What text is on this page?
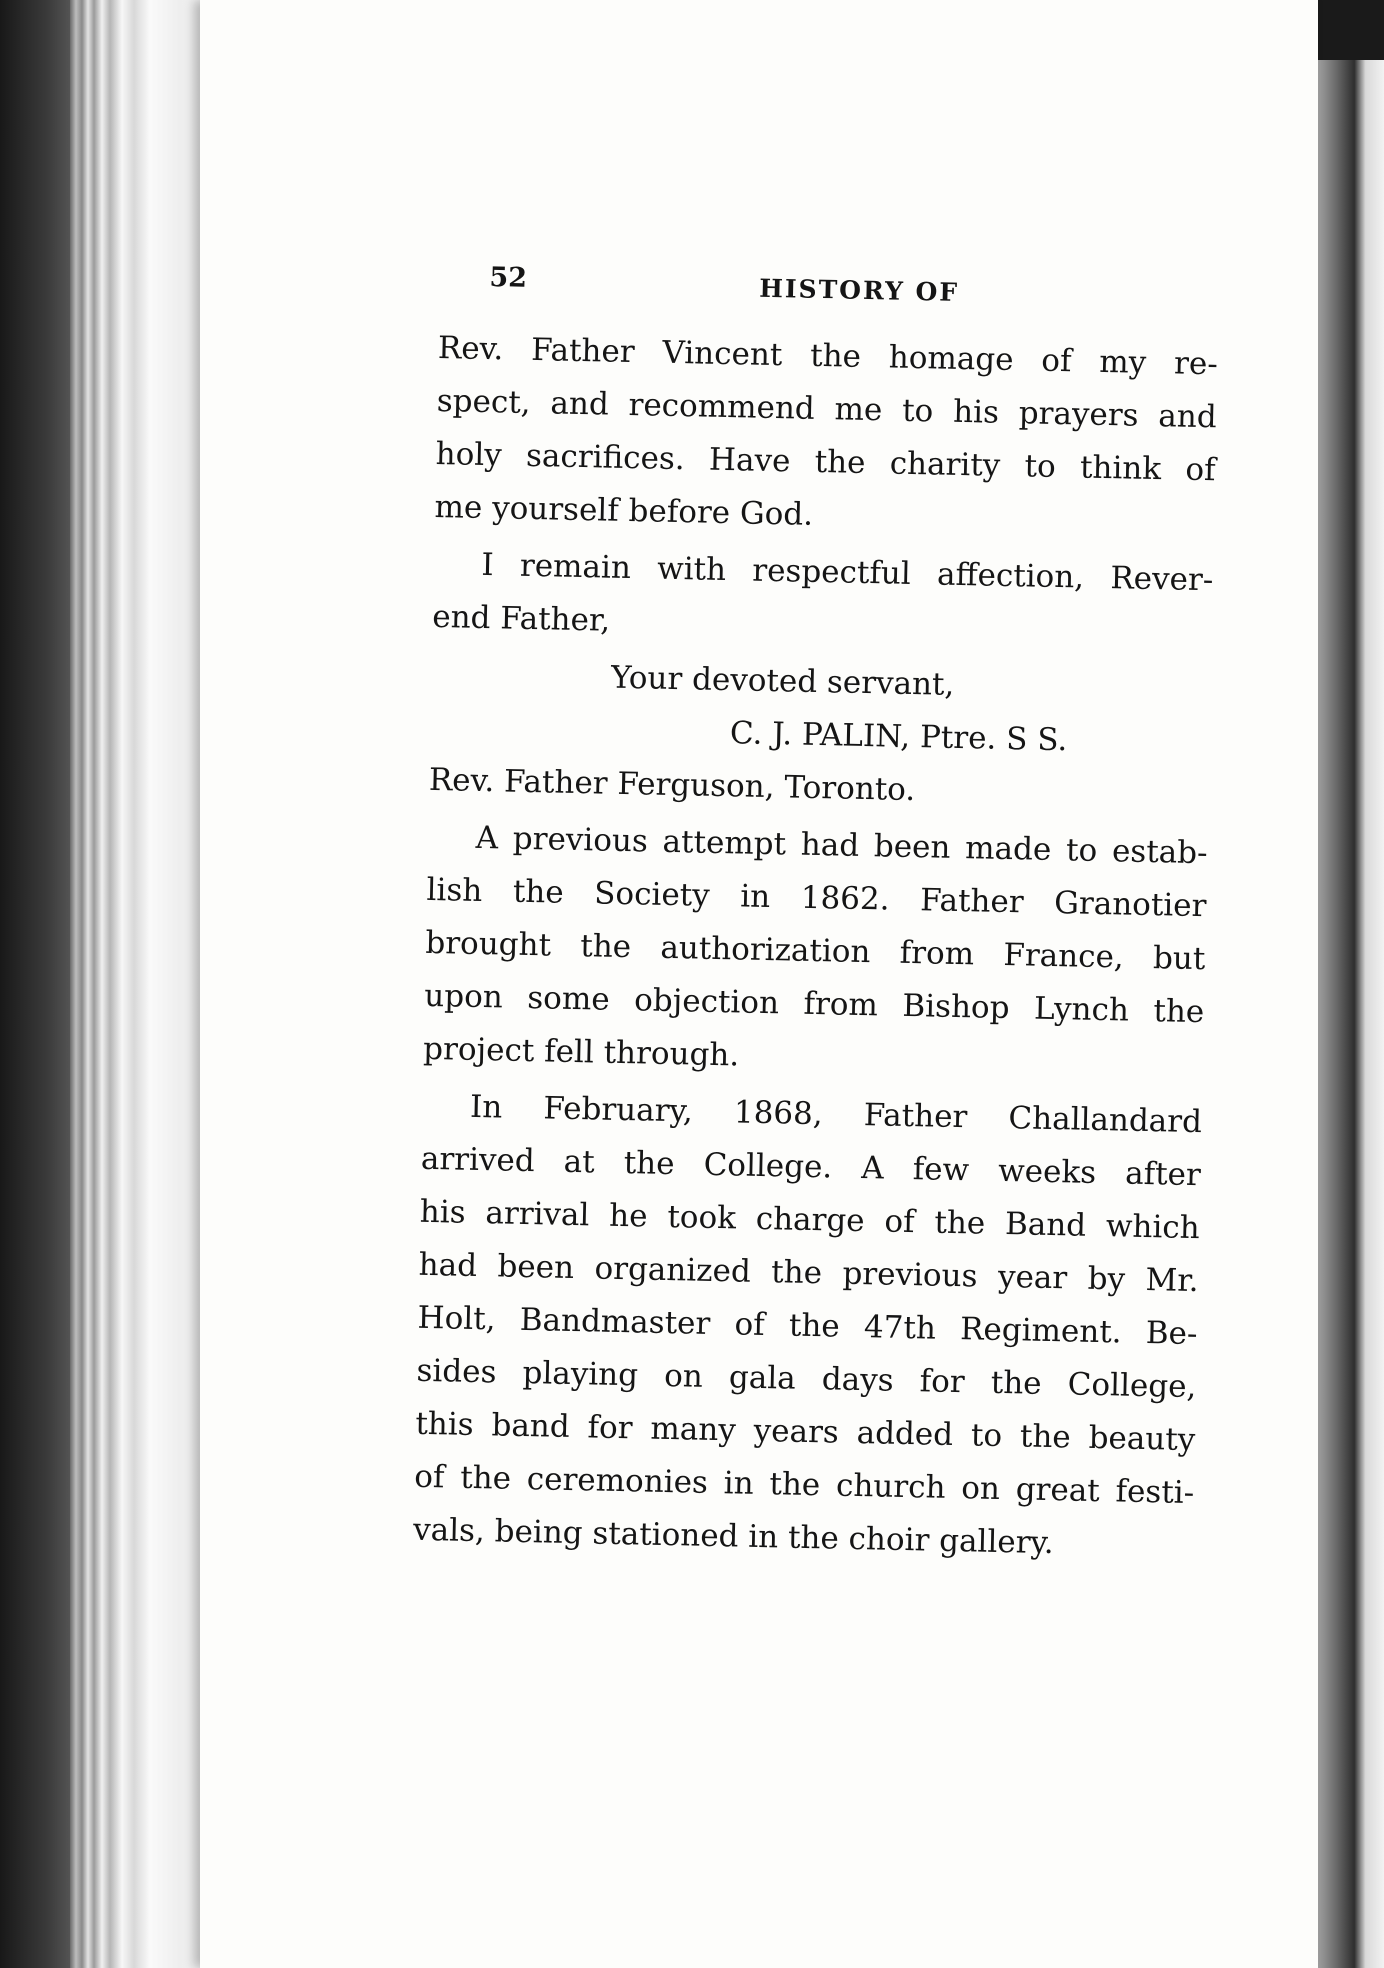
52	HISTORY OF
Rev. Father Vincent the homage of my re-
spect, and recommend me to his prayers and
holy sacrifices. Have the charity to think of
me yourself before God.
I remain with respectful affection, Rever-
end Father,
Your devoted servant,
C. J. PALIN, Ptre. S S.
Rev. Father Ferguson, Toronto.
A previous attempt had been made to estab-
lish the Society in 1862. Father Granotier
brought the authorization from France, but
upon some objection from Bishop Lynch the
project fell through.
In February, 1868, Father Challandard
arrived at the College. A few weeks after
his arrival he took charge of the Band which
had been organized the previous year by Mr.
Holt, Bandmaster of the 47th Regiment. Be-
sides playing on gala days for the College,
this band for many years added to the beauty
of the ceremonies in the church on great festi-
vals, being stationed in the choir gallery.
